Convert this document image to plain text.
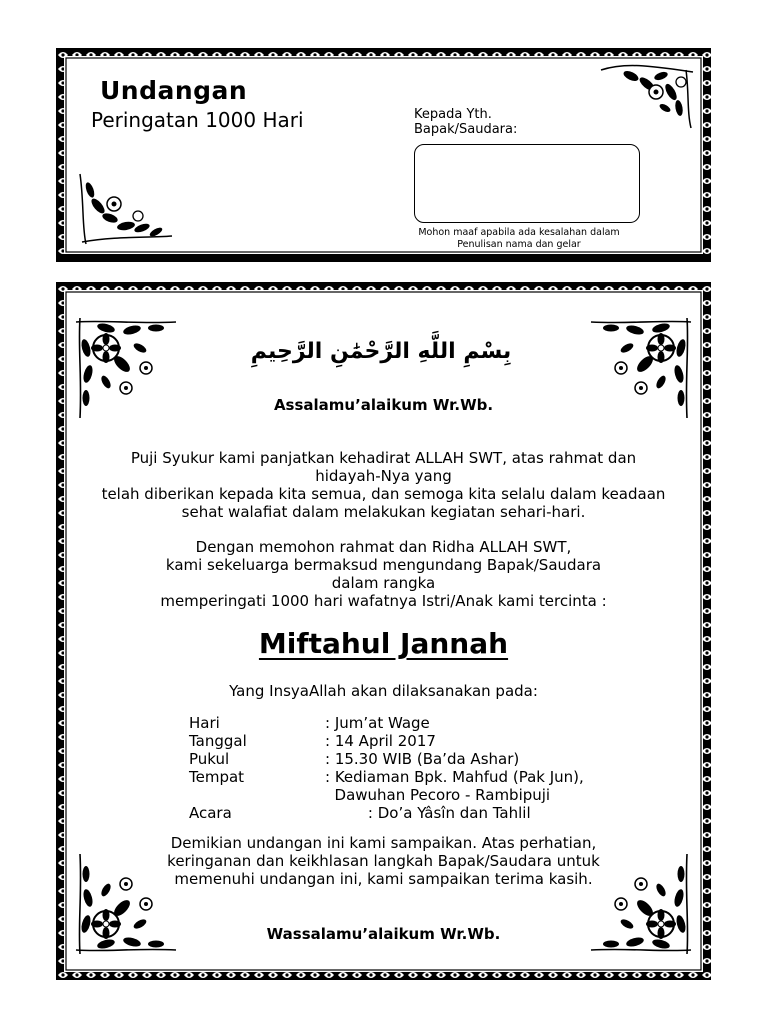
Undangan
Peringatan 1000 Hari	Kepada Yth.
Bapak/Saudara:
Mohon maaf apabila ada kesalahan dalam Penulisan nama dan gelar
بِسْمِ اللَّهِ الرَّحْمَٰنِ الرَّحِيمِ
Assalamu’alaikum Wr.Wb.
Puji Syukur kami panjatkan kehadirat ALLAH SWT, atas rahmat dan
hidayah-Nya yang
telah diberikan kepada kita semua, dan semoga kita selalu dalam keadaan
sehat walafiat dalam melakukan kegiatan sehari-hari.
Dengan memohon rahmat dan Ridha ALLAH SWT,
kami sekeluarga bermaksud mengundang Bapak/Saudara
dalam rangka
memperingati 1000 hari wafatnya Istri/Anak kami tercinta :
Miftahul Jannah
Yang InsyaAllah akan dilaksanakan pada:
Hari	: Jum’at Wage
Tanggal	: 14 April 2017
Pukul	: 15.30 WIB (Ba’da Ashar)
Tempat	: Kediaman Bpk. Mahfud (Pak Jun),
Dawuhan Pecoro - Rambipuji
Acara	: Do’a Yâsîn dan Tahlil
Demikian undangan ini kami sampaikan. Atas perhatian,
keringanan dan keikhlasan langkah Bapak/Saudara untuk
memenuhi undangan ini, kami sampaikan terima kasih.
Wassalamu’alaikum Wr.Wb.
